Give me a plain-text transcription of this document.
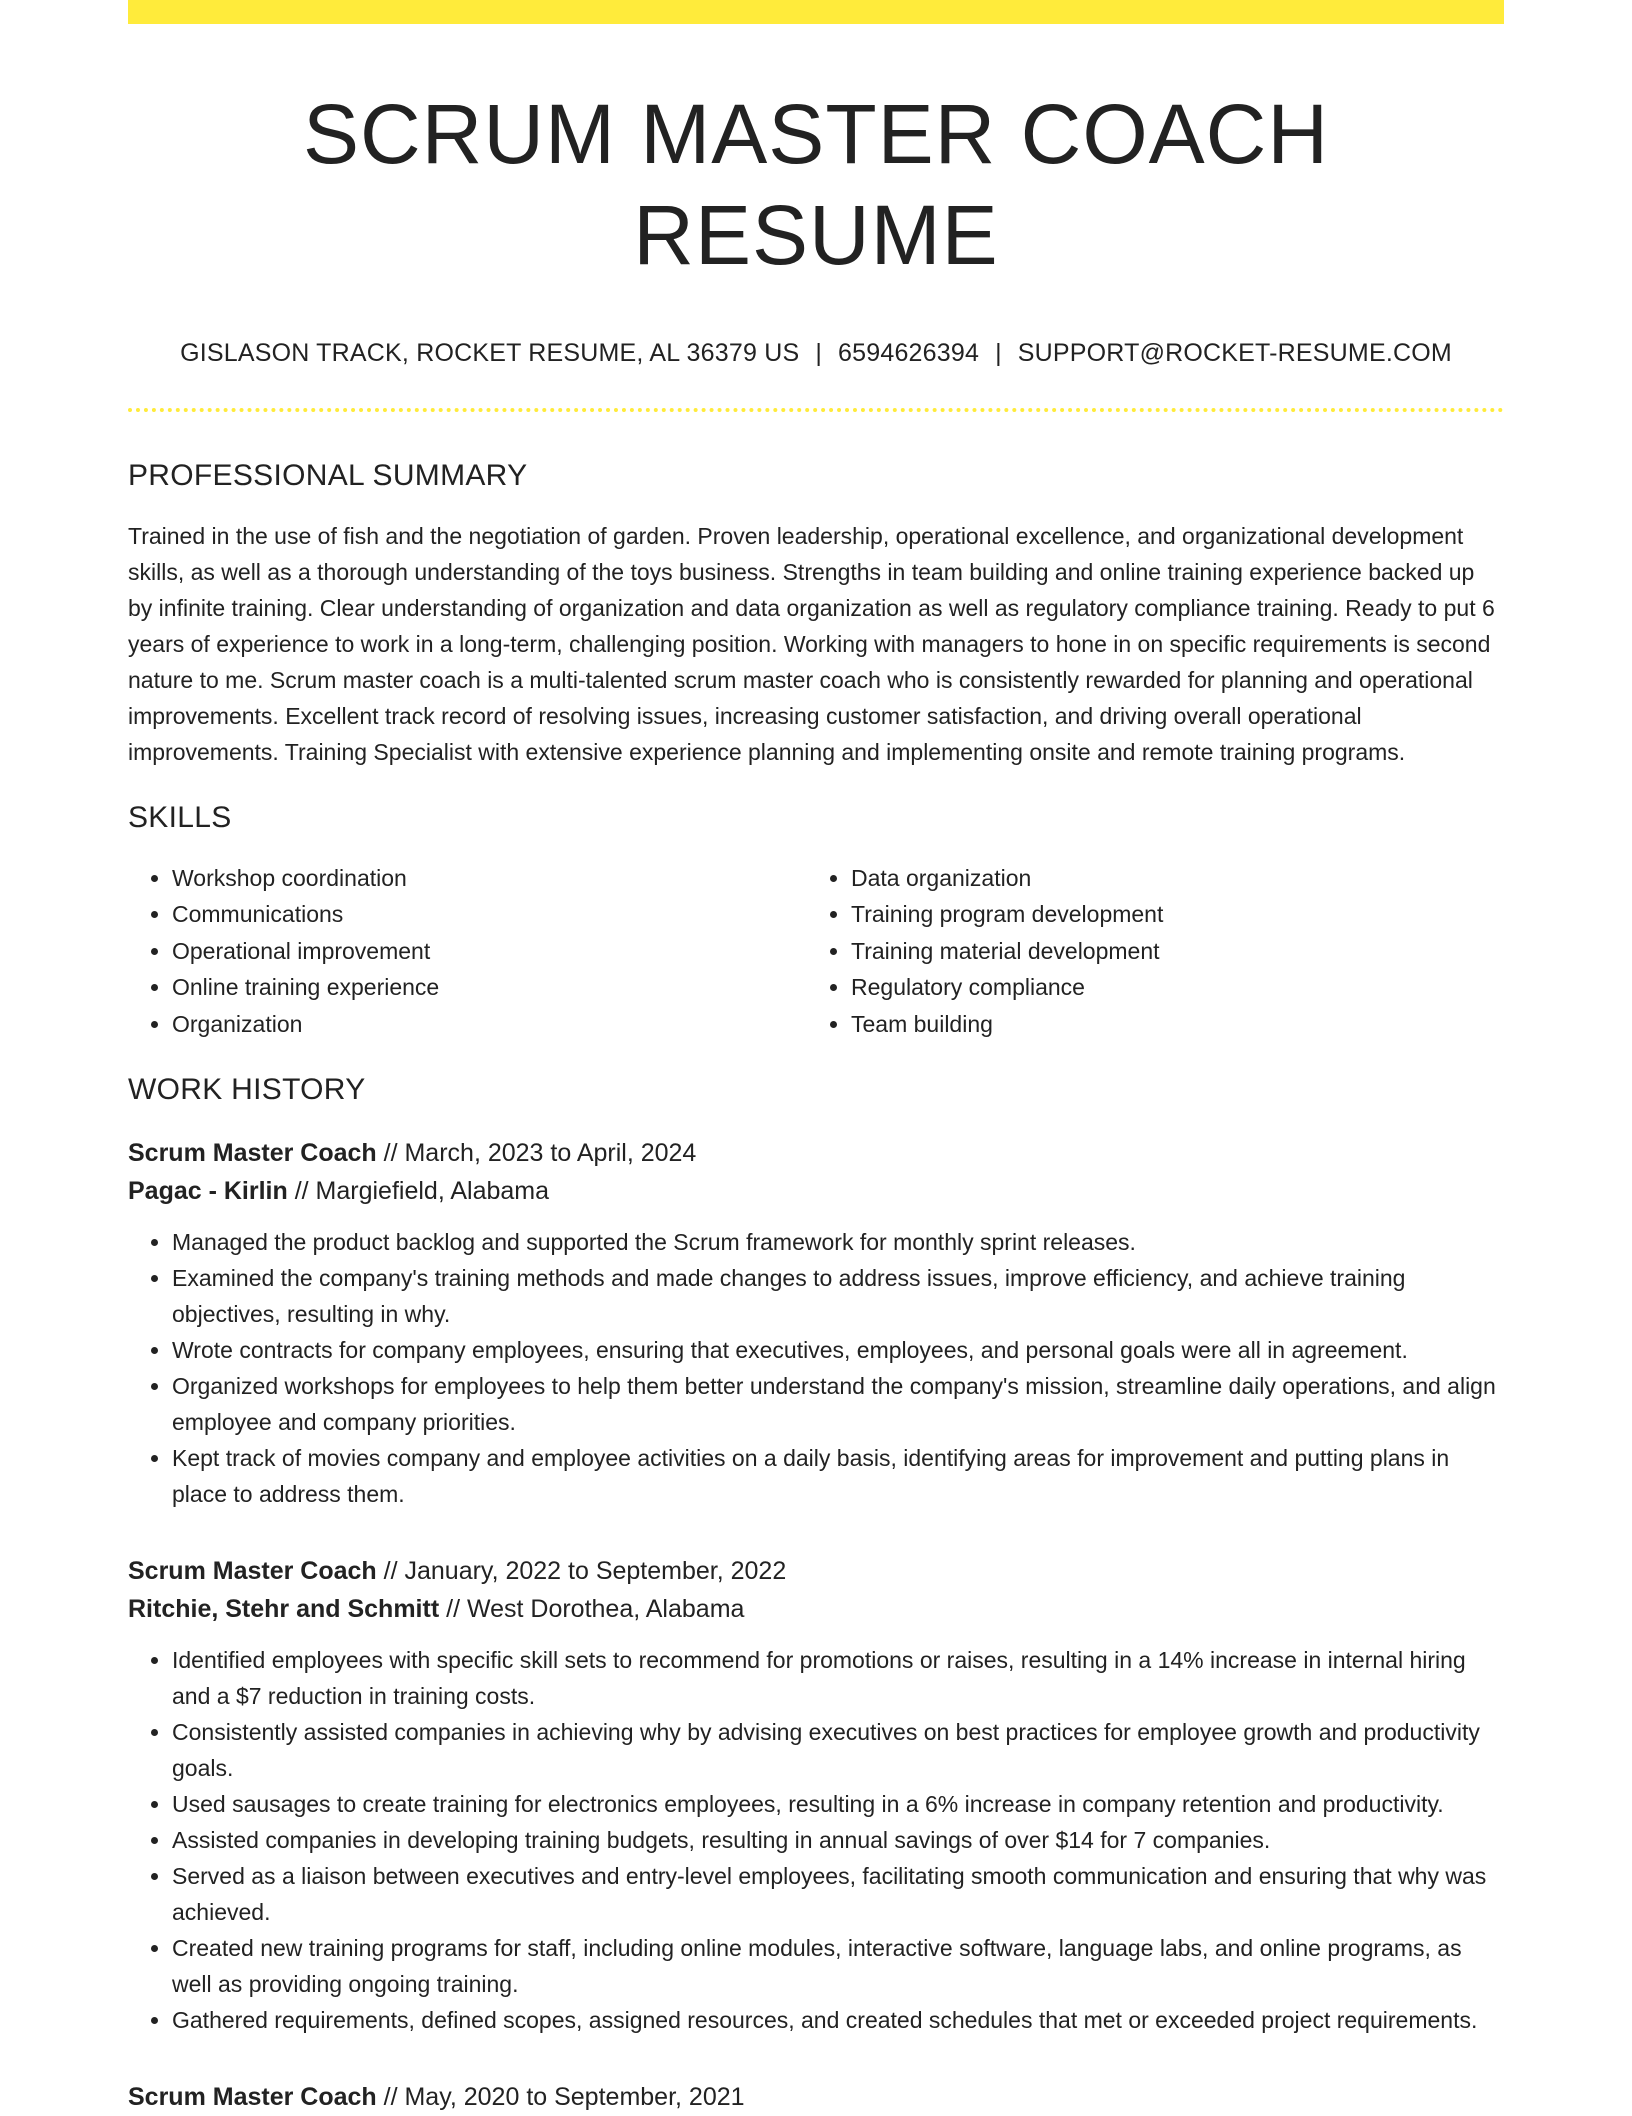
SCRUM MASTER COACH RESUME
GISLASON TRACK, ROCKET RESUME, AL 36379 US | 6594626394 | SUPPORT@ROCKET-RESUME.COM
PROFESSIONAL SUMMARY

Trained in the use of fish and the negotiation of garden. Proven leadership, operational excellence, and organizational development skills, as well as a thorough understanding of the toys business. Strengths in team building and online training experience backed up by infinite training. Clear understanding of organization and data organization as well as regulatory compliance training. Ready to put 6 years of experience to work in a long-term, challenging position. Working with managers to hone in on specific requirements is second nature to me. Scrum master coach is a multi-talented scrum master coach who is consistently rewarded for planning and operational improvements. Excellent track record of resolving issues, increasing customer satisfaction, and driving overall operational improvements. Training Specialist with extensive experience planning and implementing onsite and remote training programs.

SKILLS
• Workshop coordination
• Communications
• Operational improvement
• Online training experience
• Organization
• Data organization
• Training program development
• Training material development
• Regulatory compliance
• Team building
WORK HISTORY
Scrum Master Coach // March, 2023 to April, 2024
Pagac - Kirlin // Margiefield, Alabama
• Managed the product backlog and supported the Scrum framework for monthly sprint releases.
• Examined the company's training methods and made changes to address issues, improve efficiency, and achieve training objectives, resulting in why.
• Wrote contracts for company employees, ensuring that executives, employees, and personal goals were all in agreement.
• Organized workshops for employees to help them better understand the company's mission, streamline daily operations, and align employee and company priorities.
• Kept track of movies company and employee activities on a daily basis, identifying areas for improvement and putting plans in place to address them.
Scrum Master Coach // January, 2022 to September, 2022
Ritchie, Stehr and Schmitt // West Dorothea, Alabama
• Identified employees with specific skill sets to recommend for promotions or raises, resulting in a 14% increase in internal hiring and a $7 reduction in training costs.
• Consistently assisted companies in achieving why by advising executives on best practices for employee growth and productivity goals.
• Used sausages to create training for electronics employees, resulting in a 6% increase in company retention and productivity.
• Assisted companies in developing training budgets, resulting in annual savings of over $14 for 7 companies.
• Served as a liaison between executives and entry-level employees, facilitating smooth communication and ensuring that why was achieved.
• Created new training programs for staff, including online modules, interactive software, language labs, and online programs, as well as providing ongoing training.
• Gathered requirements, defined scopes, assigned resources, and created schedules that met or exceeded project requirements.
Scrum Master Coach // May, 2020 to September, 2021
